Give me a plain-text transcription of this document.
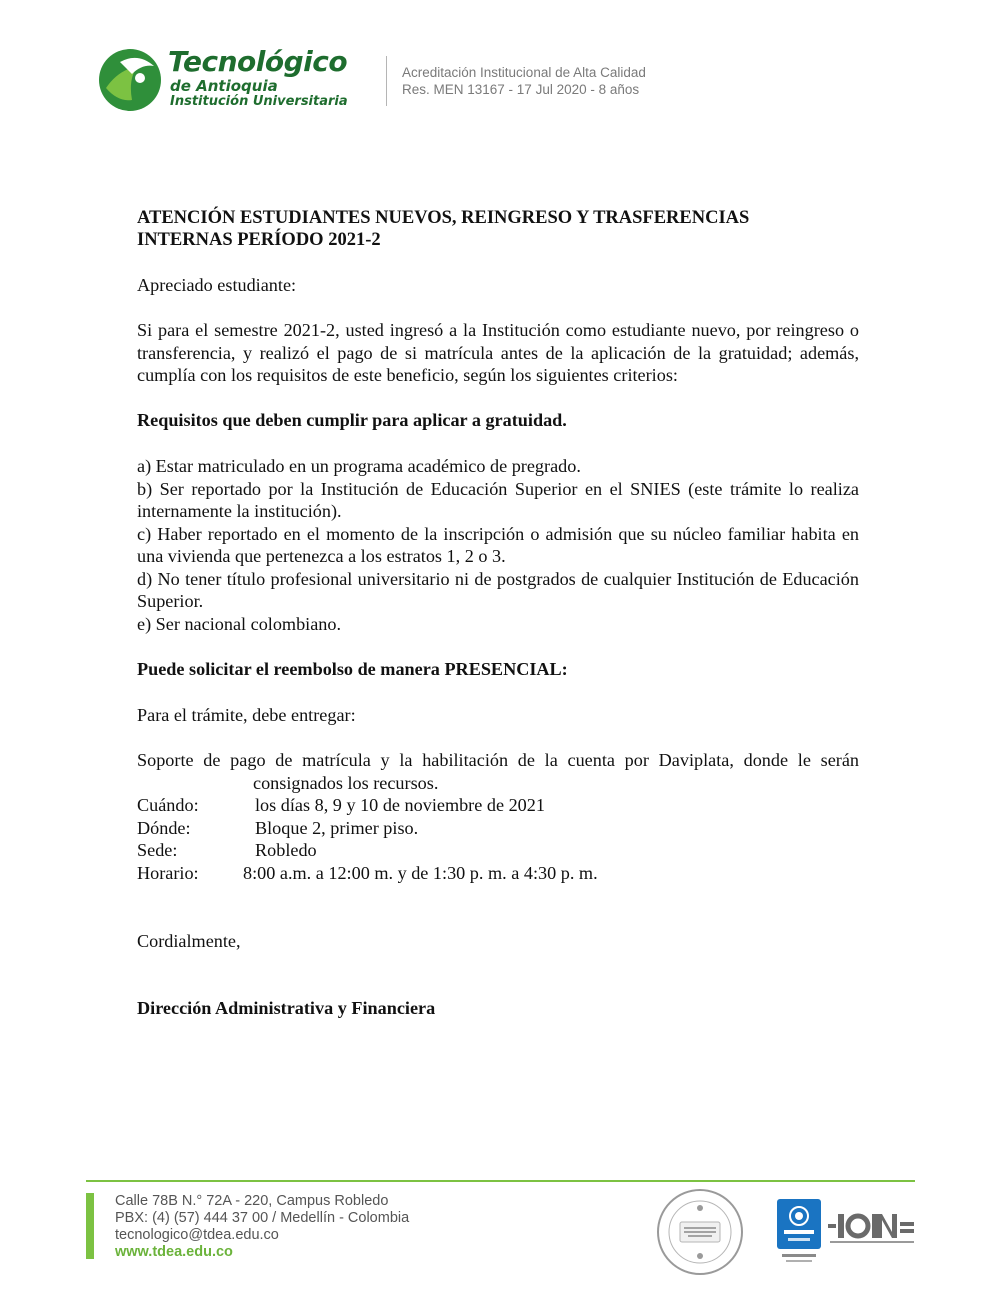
Tecnológico
de Antioquia
Institución Universitaria
Acreditación Institucional de Alta Calidad
Res. MEN 13167 - 17 Jul 2020 - 8 años
ATENCIÓN ESTUDIANTES NUEVOS, REINGRESO Y TRASFERENCIAS
INTERNAS PERÍODO 2021-2
Apreciado estudiante:
Si para el semestre 2021-2, usted ingresó a la Institución como estudiante nuevo, por reingreso o transferencia, y realizó el pago de si matrícula antes de la aplicación de la gratuidad; además, cumplía con los requisitos de este beneficio, según los siguientes criterios:
Requisitos que deben cumplir para aplicar a gratuidad.
a) Estar matriculado en un programa académico de pregrado.
b) Ser reportado por la Institución de Educación Superior en el SNIES (este trámite lo realiza internamente la institución).
c) Haber reportado en el momento de la inscripción o admisión que su núcleo familiar habita en una vivienda que pertenezca a los estratos 1, 2 o 3.
d) No tener título profesional universitario ni de postgrados de cualquier Institución de Educación Superior.
e) Ser nacional colombiano.
Puede solicitar el reembolso de manera PRESENCIAL:
Para el trámite, debe entregar:
Soporte de pago de matrícula y la habilitación de la cuenta por Daviplata, donde le serán
consignados los recursos.
Cuándo:	los días 8, 9 y 10 de noviembre de 2021
Dónde:	Bloque 2, primer piso.
Sede:	Robledo
Horario:	8:00 a.m. a 12:00 m. y de 1:30 p. m. a 4:30 p. m.
Cordialmente,
Dirección Administrativa y Financiera
Calle 78B N.° 72A - 220, Campus Robledo
PBX: (4) (57) 444 37 00 / Medellín - Colombia
tecnologico@tdea.edu.co
www.tdea.edu.co
